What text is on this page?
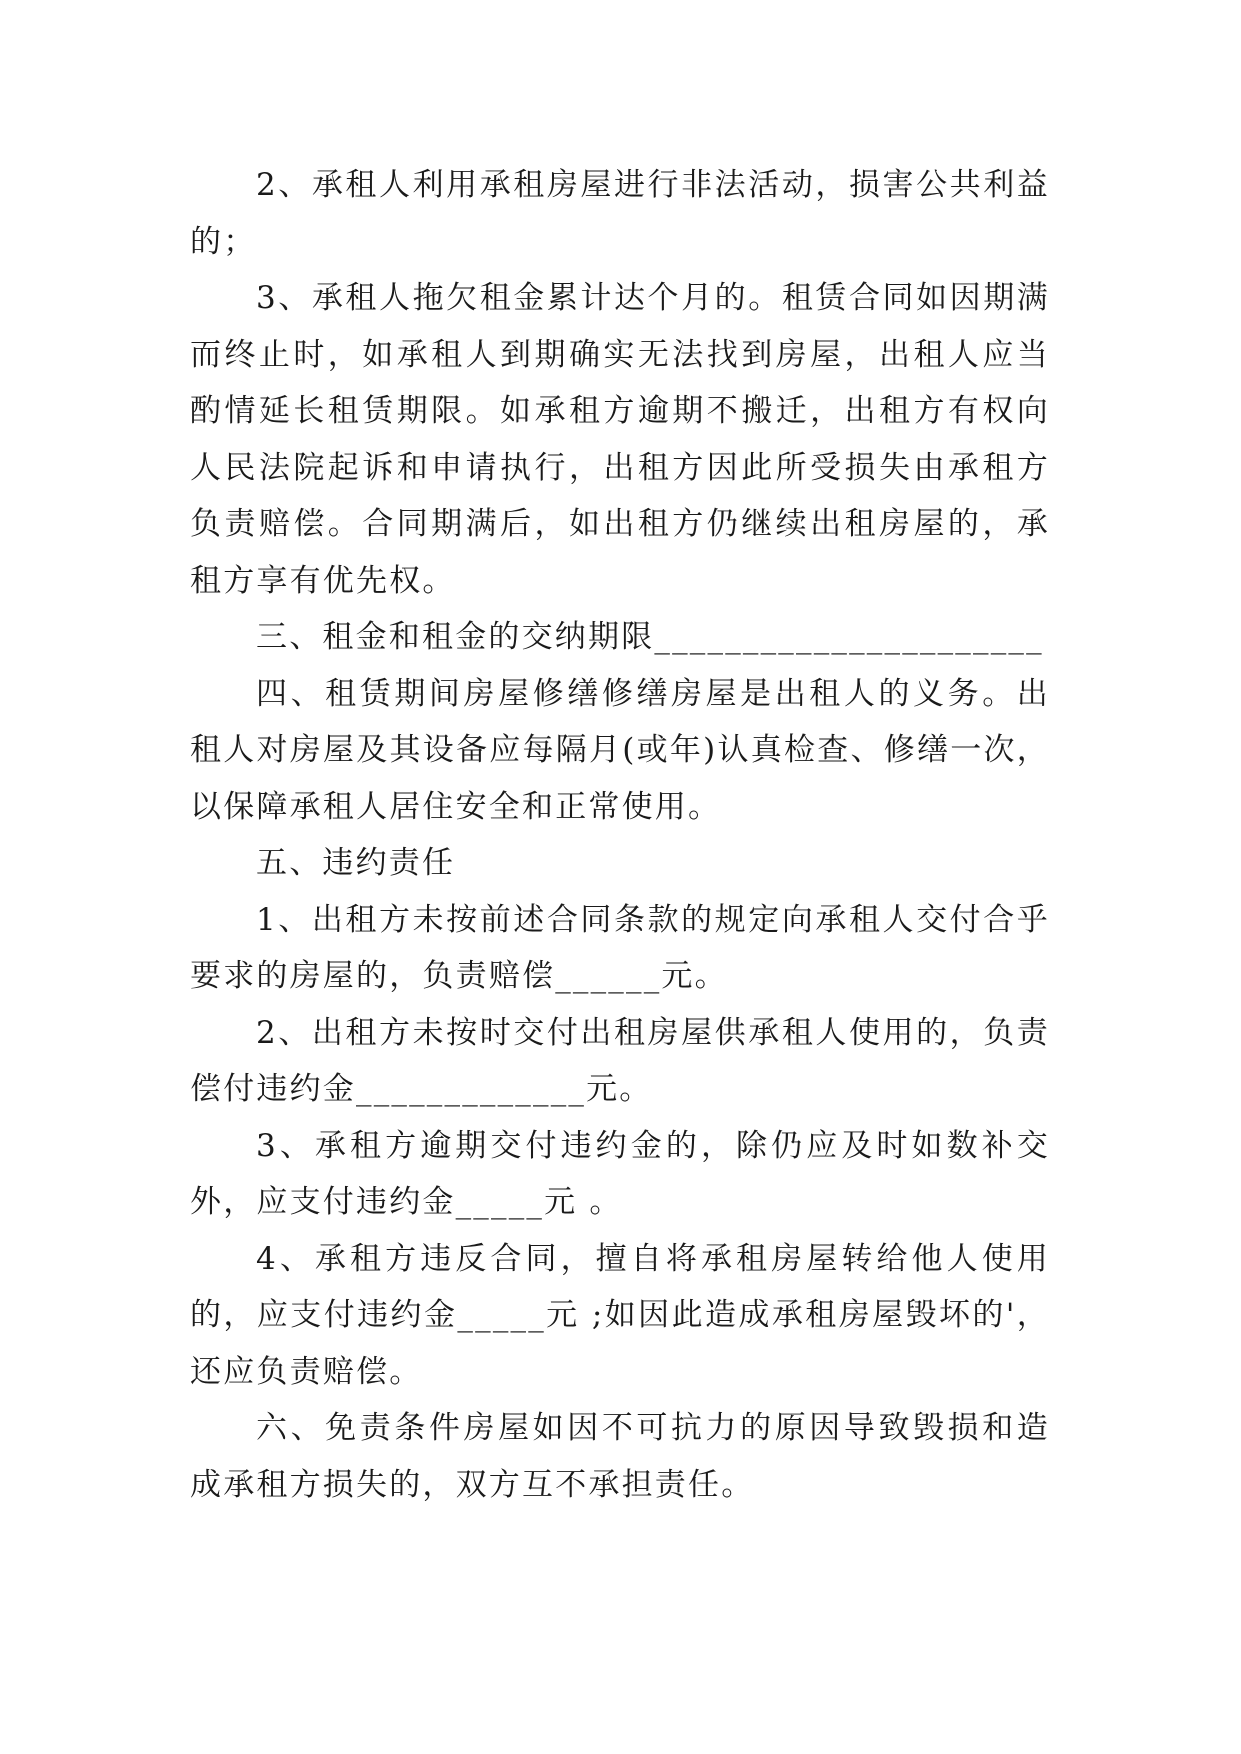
2、承租人利用承租房屋进行非法活动，损害公共利益的；

3、承租人拖欠租金累计达个月的。租赁合同如因期满而终止时，如承租人到期确实无法找到房屋，出租人应当酌情延长租赁期限。如承租方逾期不搬迁，出租方有权向人民法院起诉和申请执行，出租方因此所受损失由承租方负责赔偿。合同期满后，如出租方仍继续出租房屋的，承租方享有优先权。

三、租金和租金的交纳期限______________________

四、租赁期间房屋修缮修缮房屋是出租人的义务。出租人对房屋及其设备应每隔月(或年)认真检查、修缮一次，以保障承租人居住安全和正常使用。

五、违约责任

1、出租方未按前述合同条款的规定向承租人交付合乎要求的房屋的，负责赔偿______元。

2、出租方未按时交付出租房屋供承租人使用的，负责偿付违约金_____________元。

3、承租方逾期交付违约金的，除仍应及时如数补交外，应支付违约金_____元 。

4、承租方违反合同，擅自将承租房屋转给他人使用的，应支付违约金_____元 ;如因此造成承租房屋毁坏的'，还应负责赔偿。

六、免责条件房屋如因不可抗力的原因导致毁损和造成承租方损失的，双方互不承担责任。
